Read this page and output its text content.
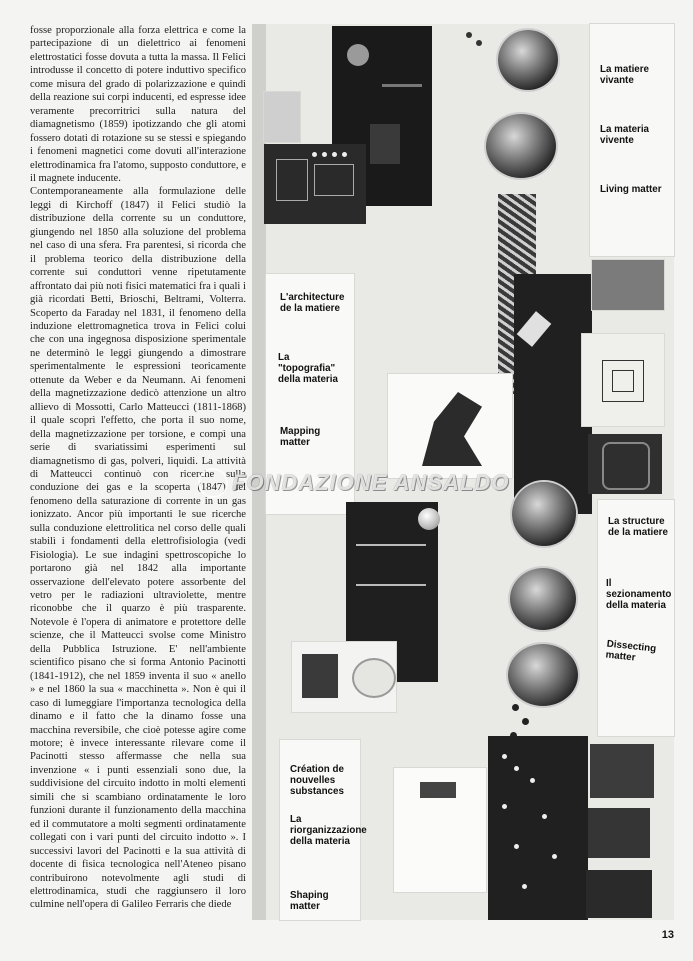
fosse proporzionale alla forza elettrica e come la partecipazione di un dielettrico ai fenomeni elettrostatici fosse dovuta a tutta la massa. Il Felici introdusse il concetto di potere induttivo specifico come misura del grado di polarizzazione e quindi della reazione sui corpi inducenti, ed espresse idee veramente precorritrici sulla natura del diamagnetismo (1859) ipotizzando che gli atomi fossero dotati di rotazione su se stessi e spiegando i fenomeni magnetici come dovuti all'interazione elettrodinamica fra l'atomo, supposto conduttore, e il magnete inducente.

Contemporaneamente alla formulazione delle leggi di Kirchoff (1847) il Felici studiò la distribuzione della corrente su un conduttore, giungendo nel 1850 alla soluzione del problema nel caso di una sfera. Fra parentesi, si ricorda che il problema teorico della distribuzione della corrente sui conduttori venne ripetutamente affrontato dai più noti fisici matematici fra i quali i già ricordati Betti, Brioschi, Beltrami, Volterra. Scoperto da Faraday nel 1831, il fenomeno della induzione elettromagnetica trova in Felici colui che con una ingegnosa disposizione sperimentale ne determinò le leggi giungendo a dimostrare sperimentalmente le espressioni teoricamente ottenute da Weber e da Neumann. Ai fenomeni della magnetizzazione dedicò attenzione un altro allievo di Mossotti, Carlo Matteucci (1811-1868) il quale scoprì l'effetto, che porta il suo nome, della magnetizzazione per torsione, e compì una serie di svariatissimi esperimenti sul diamagnetismo di gas, polveri, liquidi. La attività di Matteucci continuò con ricerche sulla conduzione dei gas e la scoperta (1847) del fenomeno della saturazione di corrente in un gas ionizzato. Ancor più importanti le sue ricerche sulla conduzione elettrolitica nel corso delle quali stabilì i fondamenti della elettrofisiologia (vedi Fisiologia). Le sue indagini spettroscopiche lo portarono già nel 1842 alla importante osservazione dell'elevato potere assorbente del vetro per le radiazioni ultraviolette, mentre riconobbe che il quarzo è più trasparente. Notevole è l'opera di animatore e protettore delle scienze, che il Matteucci svolse come Ministro della Pubblica Istruzione. E' nell'ambiente scientifico pisano che si forma Antonio Pacinotti (1841-1912), che nel 1859 inventa il suo « anello » e nel 1860 la sua « macchinetta ». Non è qui il caso di lumeggiare l'importanza tecnologica della dinamo e il fatto che la dinamo fosse una macchina reversibile, che cioè potesse agire come motore; è invece interessante rilevare come il Pacinotti stesso affermasse che nella sua invenzione « i punti essenziali sono due, la suddivisione del circuito indotto in molti elementi simili che si scambiano ordinatamente le loro funzioni durante il funzionamento della macchina ed il commutatore a molti segmenti ordinatamente collegati con i vari punti del circuito indotto ». I successivi lavori del Pacinotti e la sua attività di docente di fisica tecnologica nell'Ateneo pisano contribuirono notevolmente agli studi di elettrodinamica, studi che raggiunsero il loro culmine nell'opera di Galileo Ferraris che diede

La matiere vivante
La materia vivente
Living matter
L'architecture de la matiere
La "topografia" della materia
Mapping matter
La structure de la matiere
Il sezionamento della materia
Dissecting matter
Création de nouvelles substances
La riorganizzazione della materia
Shaping matter
FONDAZIONE ANSALDO
13
